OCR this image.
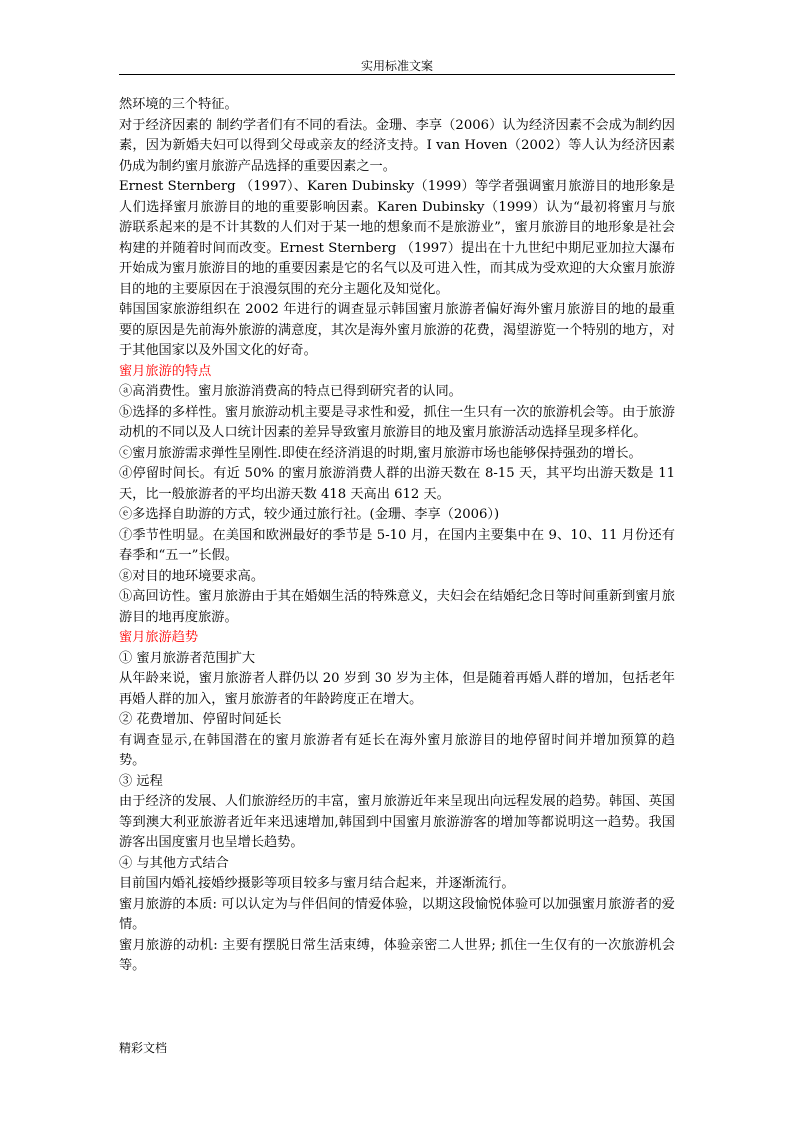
实用标准文案

然环境的三个特征。

对于经济因素的 制约学者们有不同的看法。金珊、李享（2006）认为经济因素不会成为制约因素，因为新婚夫妇可以得到父母或亲友的经济支持。I van Hoven（2002）等人认为经济因素仍成为制约蜜月旅游产品选择的重要因素之一。

Ernest Sternberg （1997）、Karen Dubinsky（1999）等学者强调蜜月旅游目的地形象是人们选择蜜月旅游目的地的重要影响因素。Karen Dubinsky（1999）认为“最初将蜜月与旅游联系起来的是不计其数的人们对于某一地的想象而不是旅游业”，蜜月旅游目的地形象是社会构建的并随着时间而改变。Ernest Sternberg （1997）提出在十九世纪中期尼亚加拉大瀑布开始成为蜜月旅游目的地的重要因素是它的名气以及可进入性，而其成为受欢迎的大众蜜月旅游目的地的主要原因在于浪漫氛围的充分主题化及知觉化。

韩国国家旅游组织在 2002 年进行的调查显示韩国蜜月旅游者偏好海外蜜月旅游目的地的最重要的原因是先前海外旅游的满意度，其次是海外蜜月旅游的花费，渴望游览一个特别的地方，对于其他国家以及外国文化的好奇。

蜜月旅游的特点

ⓐ高消费性。蜜月旅游消费高的特点已得到研究者的认同。

ⓑ选择的多样性。蜜月旅游动机主要是寻求性和爱，抓住一生只有一次的旅游机会等。由于旅游动机的不同以及人口统计因素的差异导致蜜月旅游目的地及蜜月旅游活动选择呈现多样化。

ⓒ蜜月旅游需求弹性呈刚性.即使在经济消退的时期,蜜月旅游市场也能够保持强劲的增长。

ⓓ停留时间长。有近 50% 的蜜月旅游消费人群的出游天数在 8-15 天，其平均出游天数是 11 天，比一般旅游者的平均出游天数 418 天高出 612 天。

ⓔ多选择自助游的方式，较少通过旅行社。(金珊、李享（2006）)

ⓕ季节性明显。在美国和欧洲最好的季节是 5-10 月，在国内主要集中在 9、10、11 月份还有春季和“五一”长假。

ⓖ对目的地环境要求高。

ⓗ高回访性。蜜月旅游由于其在婚姻生活的特殊意义，夫妇会在结婚纪念日等时间重新到蜜月旅游目的地再度旅游。

蜜月旅游趋势

① 蜜月旅游者范围扩大

从年龄来说，蜜月旅游者人群仍以 20 岁到 30 岁为主体，但是随着再婚人群的增加，包括老年再婚人群的加入，蜜月旅游者的年龄跨度正在增大。

② 花费增加、停留时间延长

有调查显示,在韩国潜在的蜜月旅游者有延长在海外蜜月旅游目的地停留时间并增加预算的趋势。

③ 远程

由于经济的发展、人们旅游经历的丰富，蜜月旅游近年来呈现出向远程发展的趋势。韩国、英国等到澳大利亚旅游者近年来迅速增加,韩国到中国蜜月旅游游客的增加等都说明这一趋势。我国游客出国度蜜月也呈增长趋势。

④ 与其他方式结合

目前国内婚礼接婚纱摄影等项目较多与蜜月结合起来，并逐渐流行。

蜜月旅游的本质: 可以认定为与伴侣间的情爱体验，以期这段愉悦体验可以加强蜜月旅游者的爱情。

蜜月旅游的动机: 主要有摆脱日常生活束缚，体验亲密二人世界; 抓住一生仅有的一次旅游机会等。

精彩文档
